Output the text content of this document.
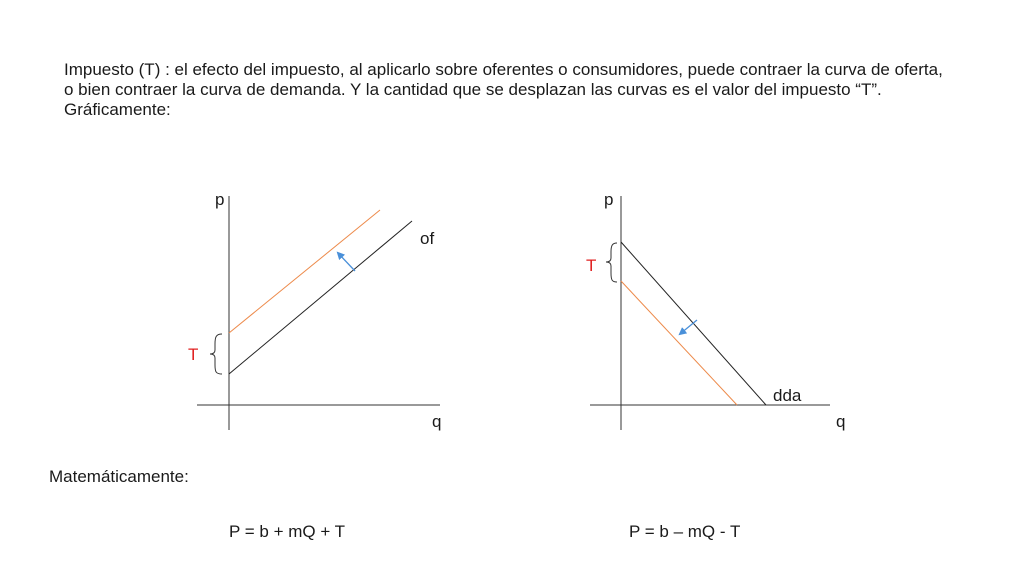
Impuesto (T) : el efecto del impuesto, al aplicarlo sobre oferentes o consumidores, puede contraer la curva de oferta,
o bien contraer la curva de demanda. Y la cantidad que se desplazan las curvas es el valor del impuesto “T”.
Gráficamente:

p
q
of
T
p
q
dda
T

Matemáticamente:

P = b + mQ + T	P = b – mQ - T
